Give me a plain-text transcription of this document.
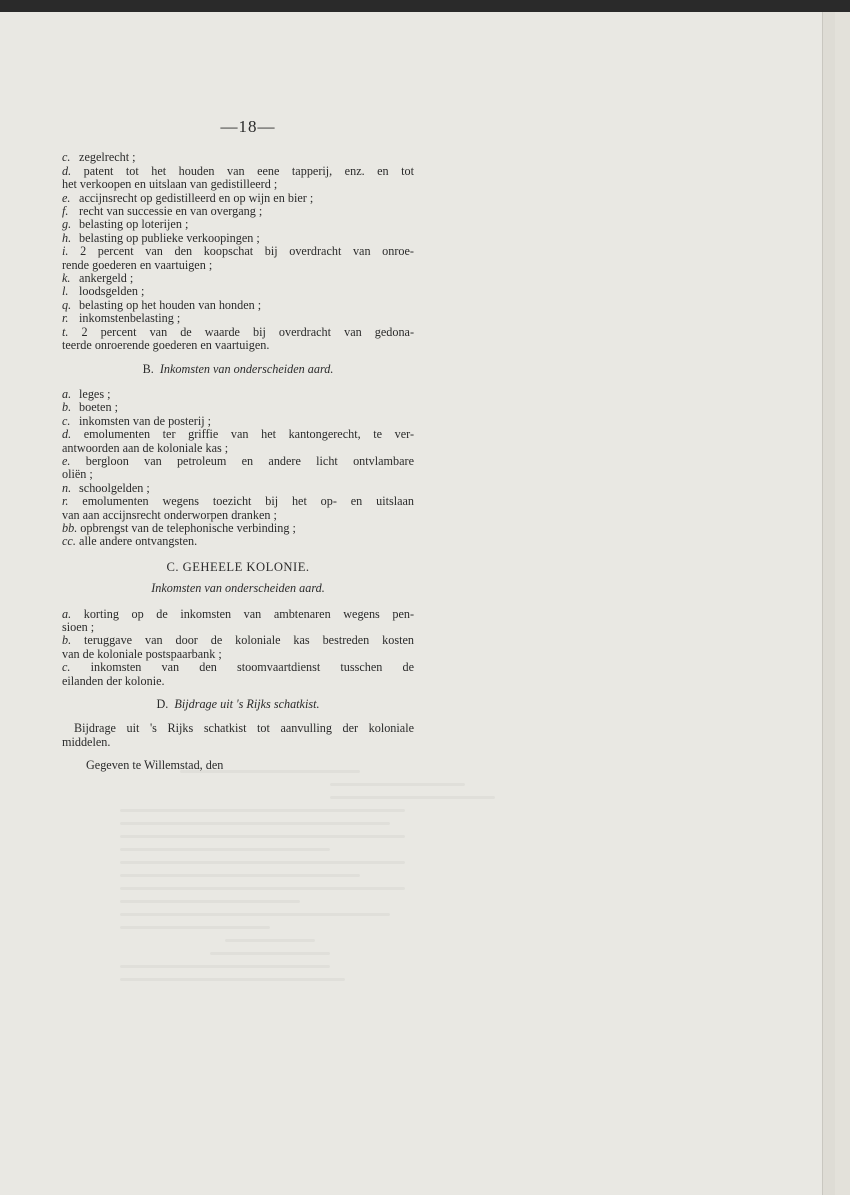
—18—

c. zegelrecht ;

d. patent tot het houden van eene tapperij, enz. en tot

het verkoopen en uitslaan van gedistilleerd ;

e. accijnsrecht op gedistilleerd en op wijn en bier ;

f. recht van successie en van overgang ;

g. belasting op loterijen ;

h. belasting op publieke verkoopingen ;

i. 2 percent van den koopschat bij overdracht van onroe-

rende goederen en vaartuigen ;

k. ankergeld ;

l. loodsgelden ;

q. belasting op het houden van honden ;

r. inkomstenbelasting ;

t. 2 percent van de waarde bij overdracht van gedona-

teerde onroerende goederen en vaartuigen.

B. Inkomsten van onderscheiden aard.

a. leges ;

b. boeten ;

c. inkomsten van de posterij ;

d. emolumenten ter griffie van het kantongerecht, te ver-

antwoorden aan de koloniale kas ;

e. bergloon van petroleum en andere licht ontvlambare

oliën ;

n. schoolgelden ;

r. emolumenten wegens toezicht bij het op- en uitslaan

van aan accijnsrecht onderworpen dranken ;

bb. opbrengst van de telephonische verbinding ;

cc. alle andere ontvangsten.

C. GEHEELE KOLONIE.

Inkomsten van onderscheiden aard.

a. korting op de inkomsten van ambtenaren wegens pen-

sioen ;

b. teruggave van door de koloniale kas bestreden kosten

van de koloniale postspaarbank ;

c. inkomsten van den stoomvaartdienst tusschen de

eilanden der kolonie.

D. Bijdrage uit 's Rijks schatkist.

Bijdrage uit 's Rijks schatkist tot aanvulling der koloniale

middelen.

Gegeven te Willemstad, den
